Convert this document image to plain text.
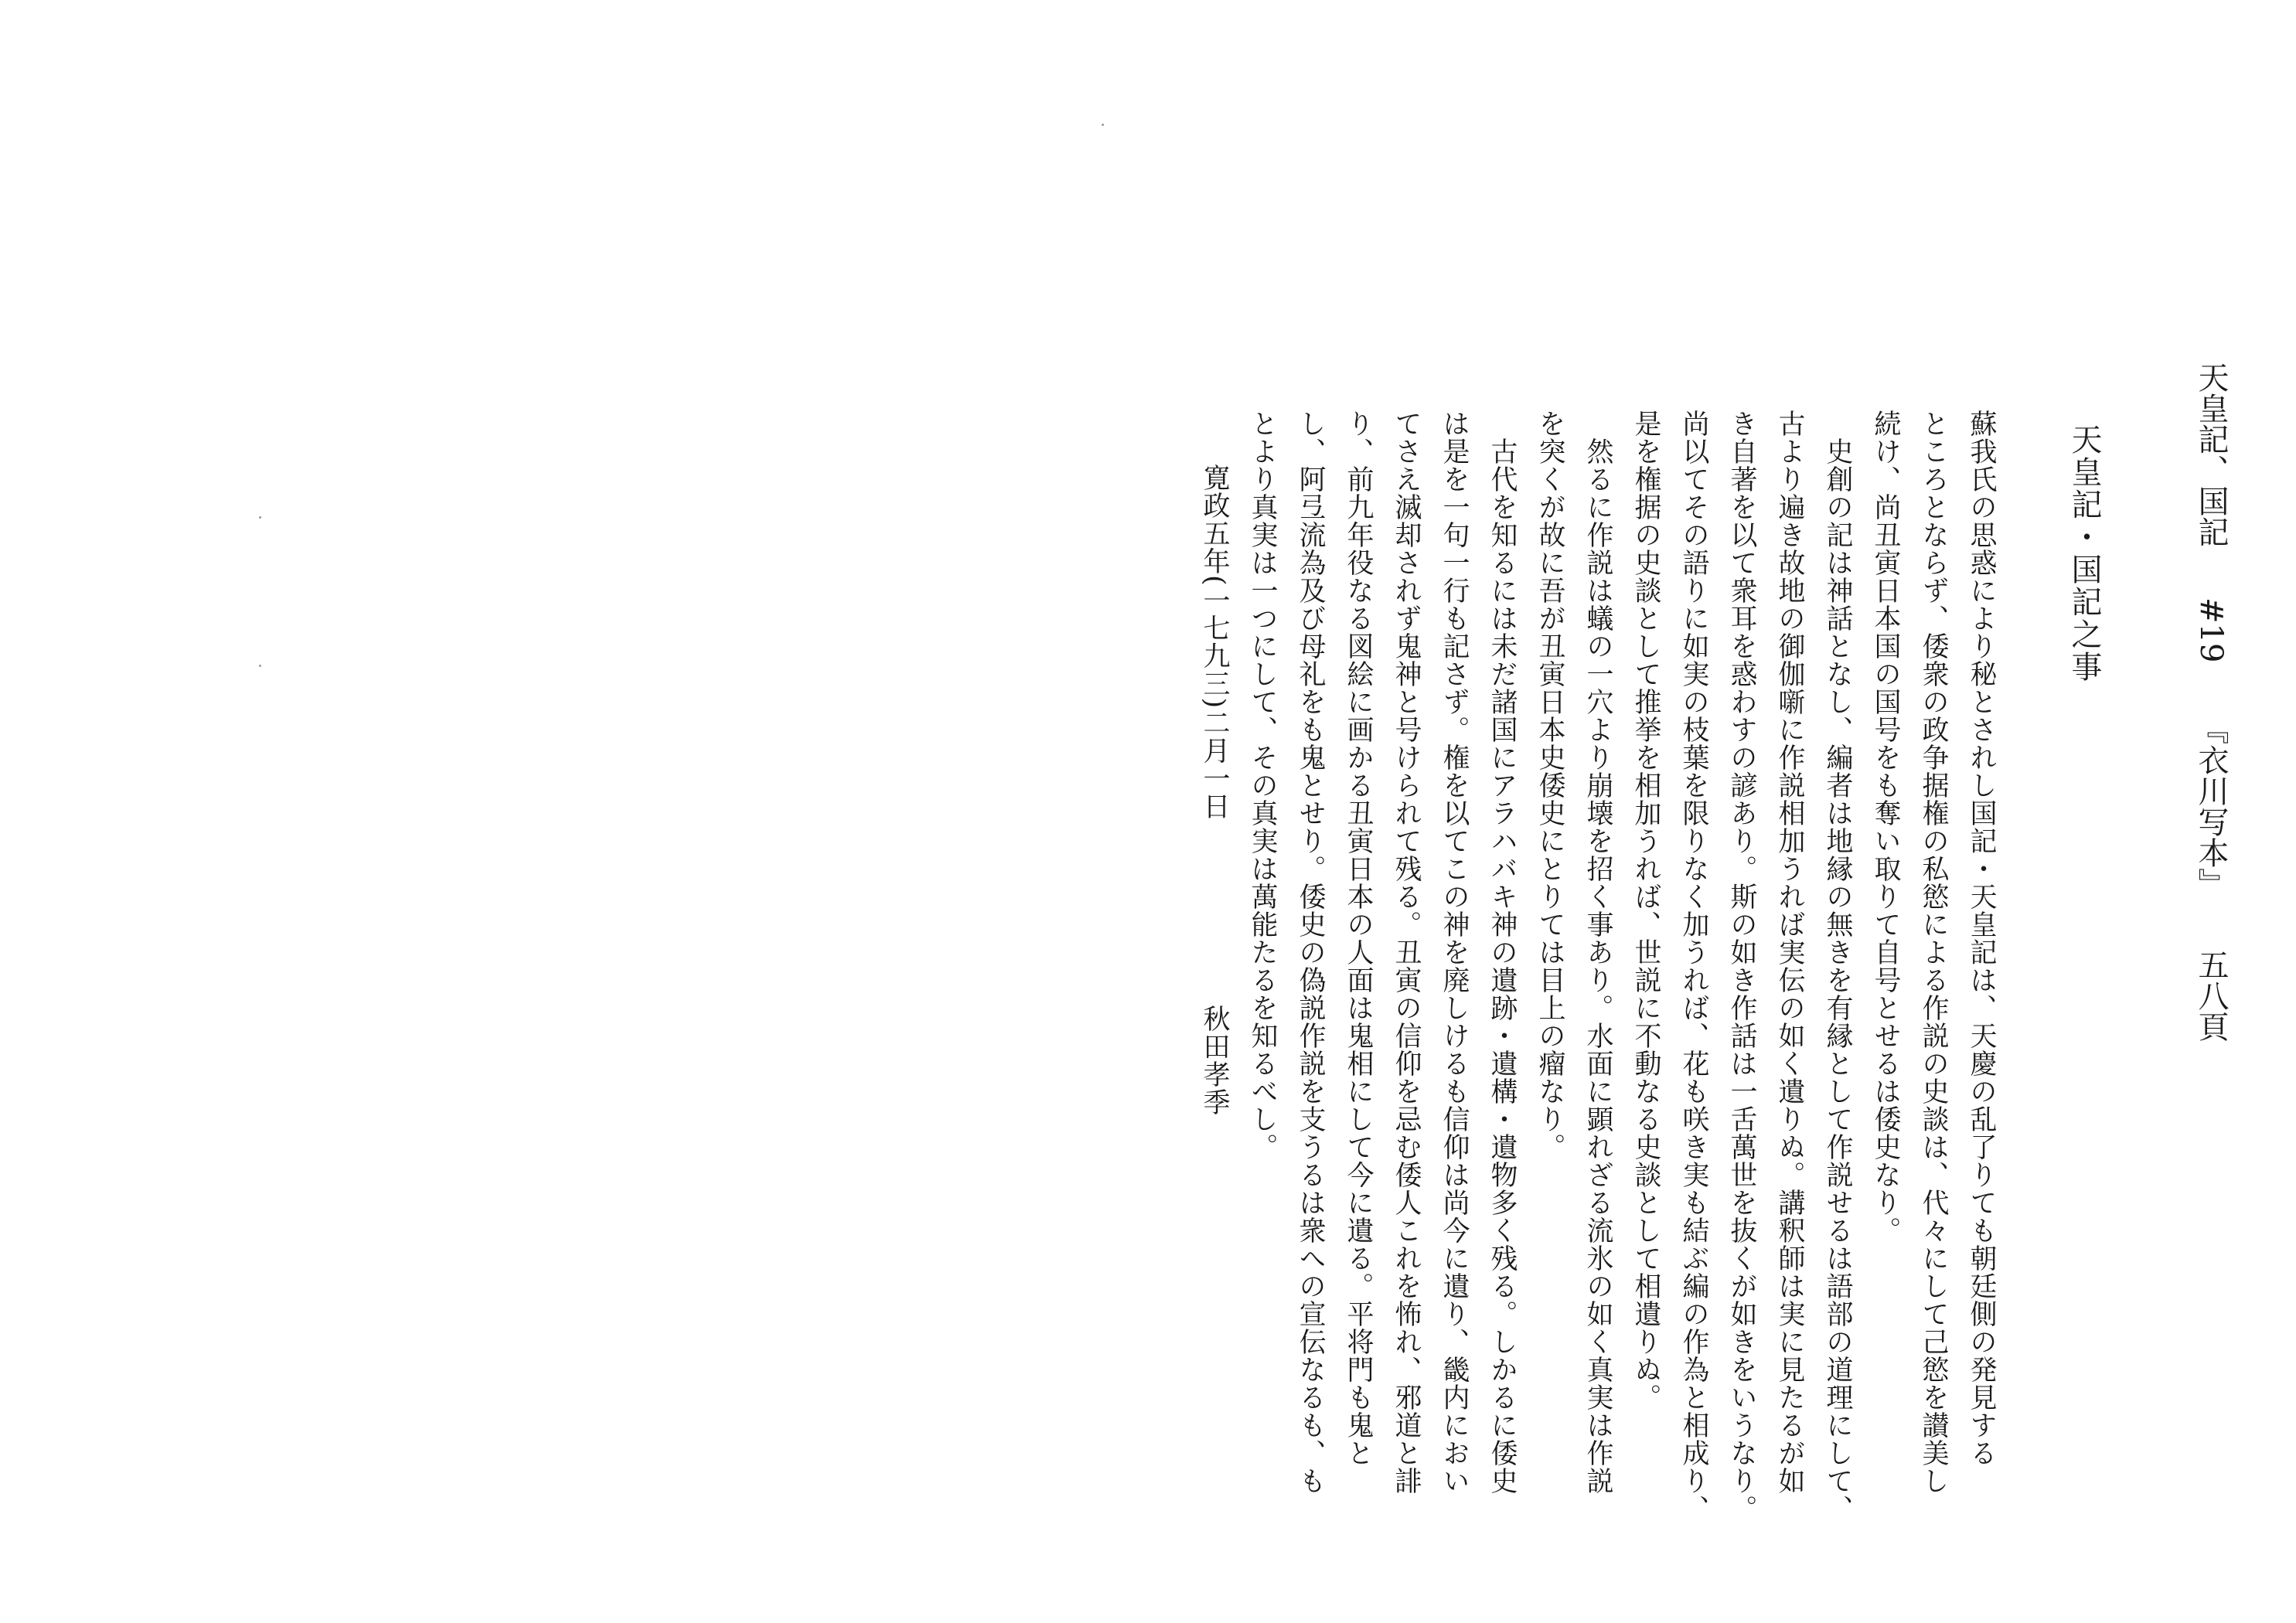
天皇記、国記
#19
『衣川写本』
五八頁
天皇記・国記之事
蘇我氏の思惑により秘とされし国記・天皇記は、天慶の乱了りても朝廷側の発見する
ところとならず、倭衆の政争据権の私慾による作説の史談は、代々にして己慾を讃美し
続け、尚丑寅日本国の国号をも奪い取りて自号とせるは倭史なり。
史創の記は神話となし、編者は地縁の無きを有縁として作説せるは語部の道理にして、
古より遍き故地の御伽噺に作説相加うれば実伝の如く遺りぬ。講釈師は実に見たるが如
き自著を以て衆耳を惑わすの諺あり。斯の如き作話は一舌萬世を抜くが如きをいうなり。
尚以てその語りに如実の枝葉を限りなく加うれば、花も咲き実も結ぶ編の作為と相成り、
是を権据の史談として推挙を相加うれば、世説に不動なる史談として相遺りぬ。
然るに作説は蟻の一穴より崩壊を招く事あり。水面に顕れざる流氷の如く真実は作説
を突くが故に吾が丑寅日本史倭史にとりては目上の瘤なり。
古代を知るには未だ諸国にアラハバキ神の遺跡・遺構・遺物多く残る。しかるに倭史
は是を一句一行も記さず。権を以てこの神を廃しけるも信仰は尚今に遺り、畿内におい
てさえ滅却されず鬼神と号けられて残る。丑寅の信仰を忌む倭人これを怖れ、邪道と誹
り、前九年役なる図絵に画かる丑寅日本の人面は鬼相にして今に遺る。平将門も鬼と
し、阿弖流為及び母礼をも鬼とせり。倭史の偽説作説を支うるは衆への宣伝なるも、も
とより真実は一つにして、その真実は萬能たるを知るべし。
寛政五年(一七九三)二月一日
秋田孝季
